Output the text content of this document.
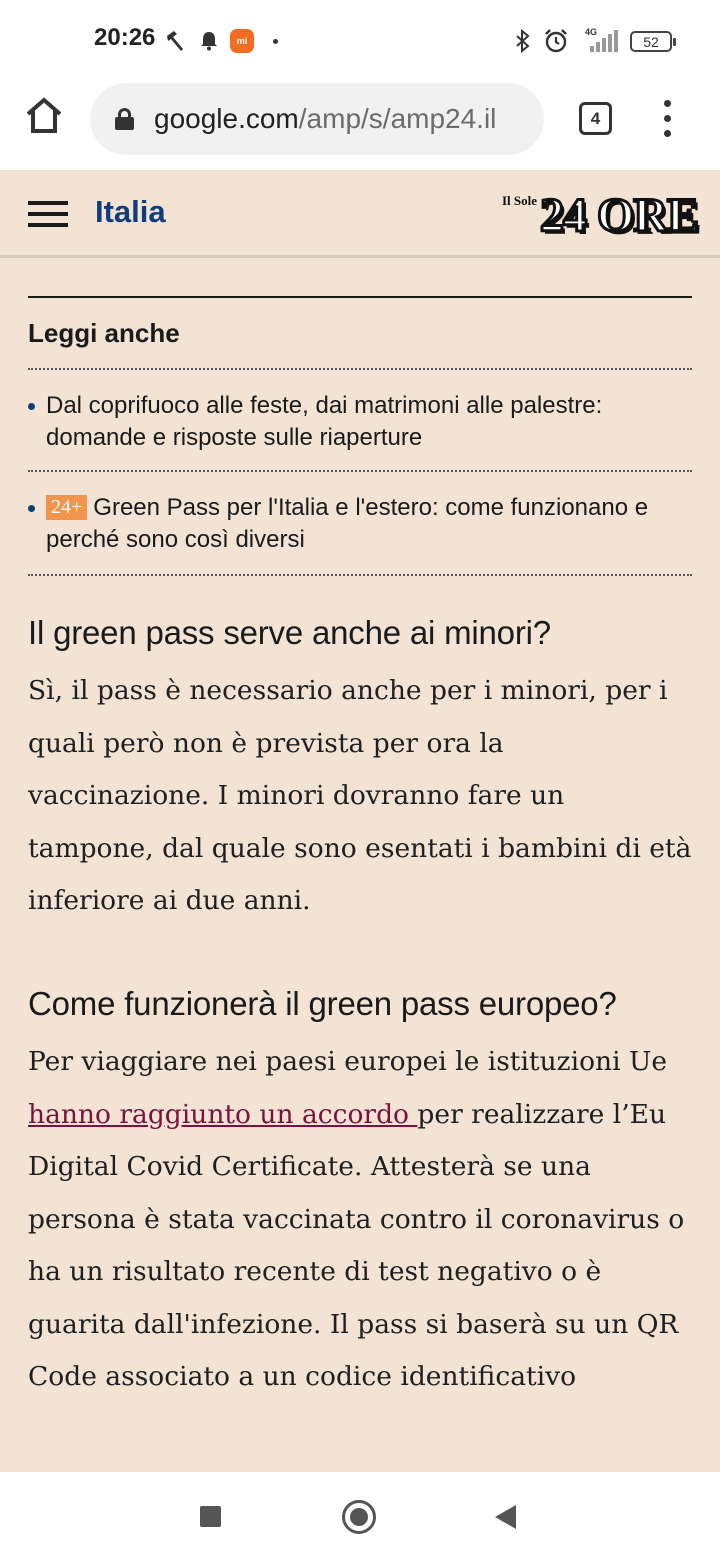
20:26	mi
4G
52
google.com/amp/s/amp24.il	4
Italia	Il Sole 24 ORE
Leggi anche
Dal coprifuoco alle feste, dai matrimoni alle palestre: domande e risposte sulle riaperture
24+ Green Pass per l'Italia e l'estero: come funzionano e perché sono così diversi
Il green pass serve anche ai minori?

Sì, il pass è necessario anche per i minori, per i quali però non è prevista per ora la vaccinazione. I minori dovranno fare un tampone, dal quale sono esentati i bambini di età inferiore ai due anni.

Come funzionerà il green pass europeo?

Per viaggiare nei paesi europei le istituzioni Ue hanno raggiunto un accordo per realizzare l’Eu Digital Covid Certificate. Attesterà se una persona è stata vaccinata contro il coronavirus o ha un risultato recente di test negativo o è guarita dall'infezione. Il pass si baserà su un QR Code associato a un codice identificativo
